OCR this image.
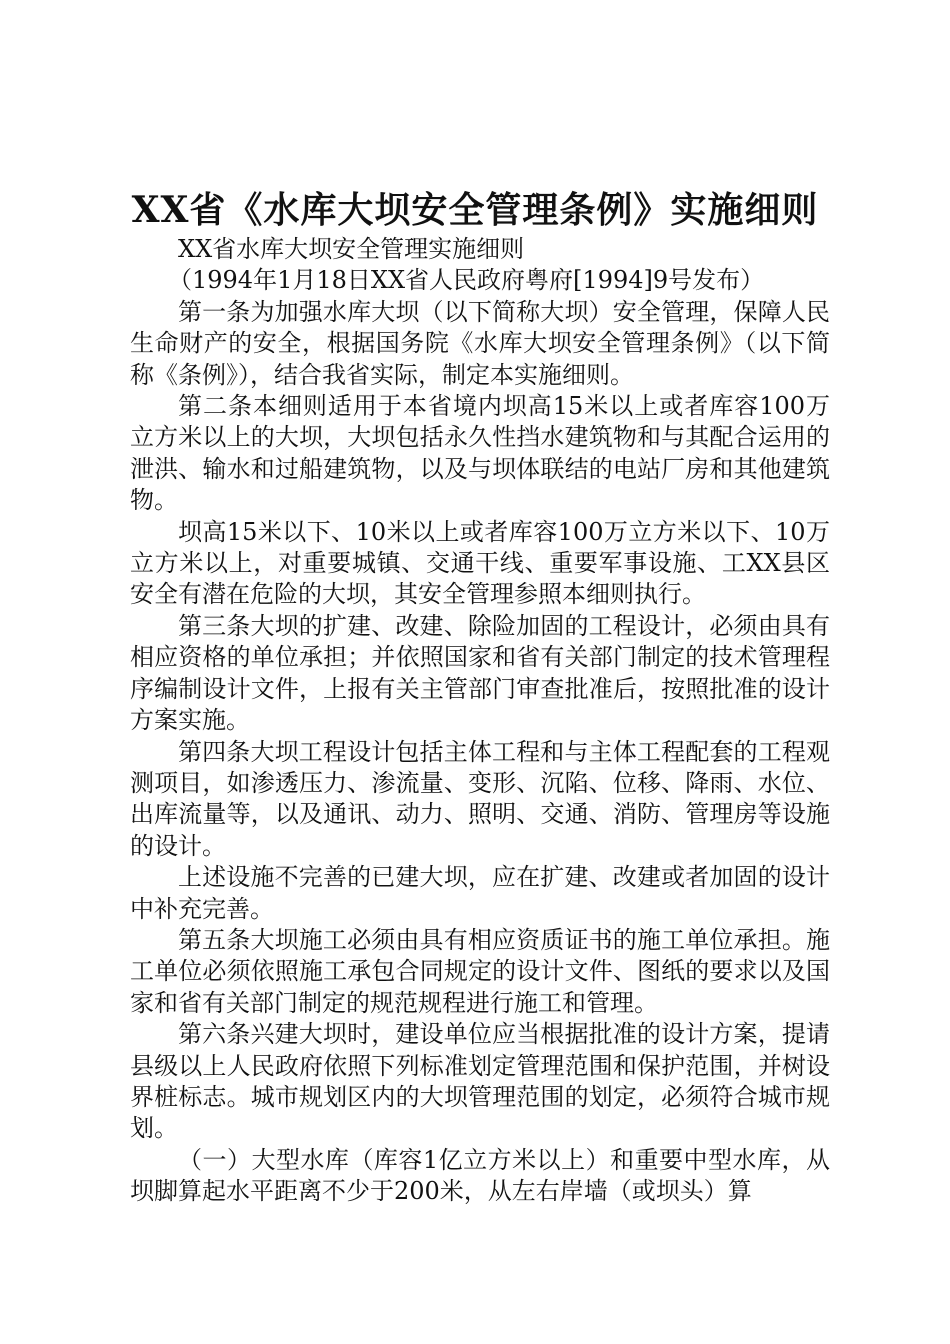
XX省《水库大坝安全管理条例》实施细则

XX省水库大坝安全管理实施细则

（1994年1月18日XX省人民政府粤府[1994]9号发布）

第一条为加强水库大坝（以下简称大坝）安全管理，保障人民生命财产的安全，根据国务院《水库大坝安全管理条例》（以下简称《条例》），结合我省实际，制定本实施细则。

第二条本细则适用于本省境内坝高15米以上或者库容100万立方米以上的大坝，大坝包括永久性挡水建筑物和与其配合运用的泄洪、输水和过船建筑物，以及与坝体联结的电站厂房和其他建筑物。

坝高15米以下、10米以上或者库容100万立方米以下、10万立方米以上，对重要城镇、交通干线、重要军事设施、工XX县区安全有潜在危险的大坝，其安全管理参照本细则执行。

第三条大坝的扩建、改建、除险加固的工程设计，必须由具有相应资格的单位承担；并依照国家和省有关部门制定的技术管理程序编制设计文件，上报有关主管部门审查批准后，按照批准的设计方案实施。

第四条大坝工程设计包括主体工程和与主体工程配套的工程观测项目，如渗透压力、渗流量、变形、沉陷、位移、降雨、水位、出库流量等，以及通讯、动力、照明、交通、消防、管理房等设施的设计。

上述设施不完善的已建大坝，应在扩建、改建或者加固的设计中补充完善。

第五条大坝施工必须由具有相应资质证书的施工单位承担。施工单位必须依照施工承包合同规定的设计文件、图纸的要求以及国家和省有关部门制定的规范规程进行施工和管理。

第六条兴建大坝时，建设单位应当根据批准的设计方案，提请县级以上人民政府依照下列标准划定管理范围和保护范围，并树设界桩标志。城市规划区内的大坝管理范围的划定，必须符合城市规划。

（一）大型水库（库容1亿立方米以上）和重要中型水库，从坝脚算起水平距离不少于200米，从左右岸墙（或坝头）算
